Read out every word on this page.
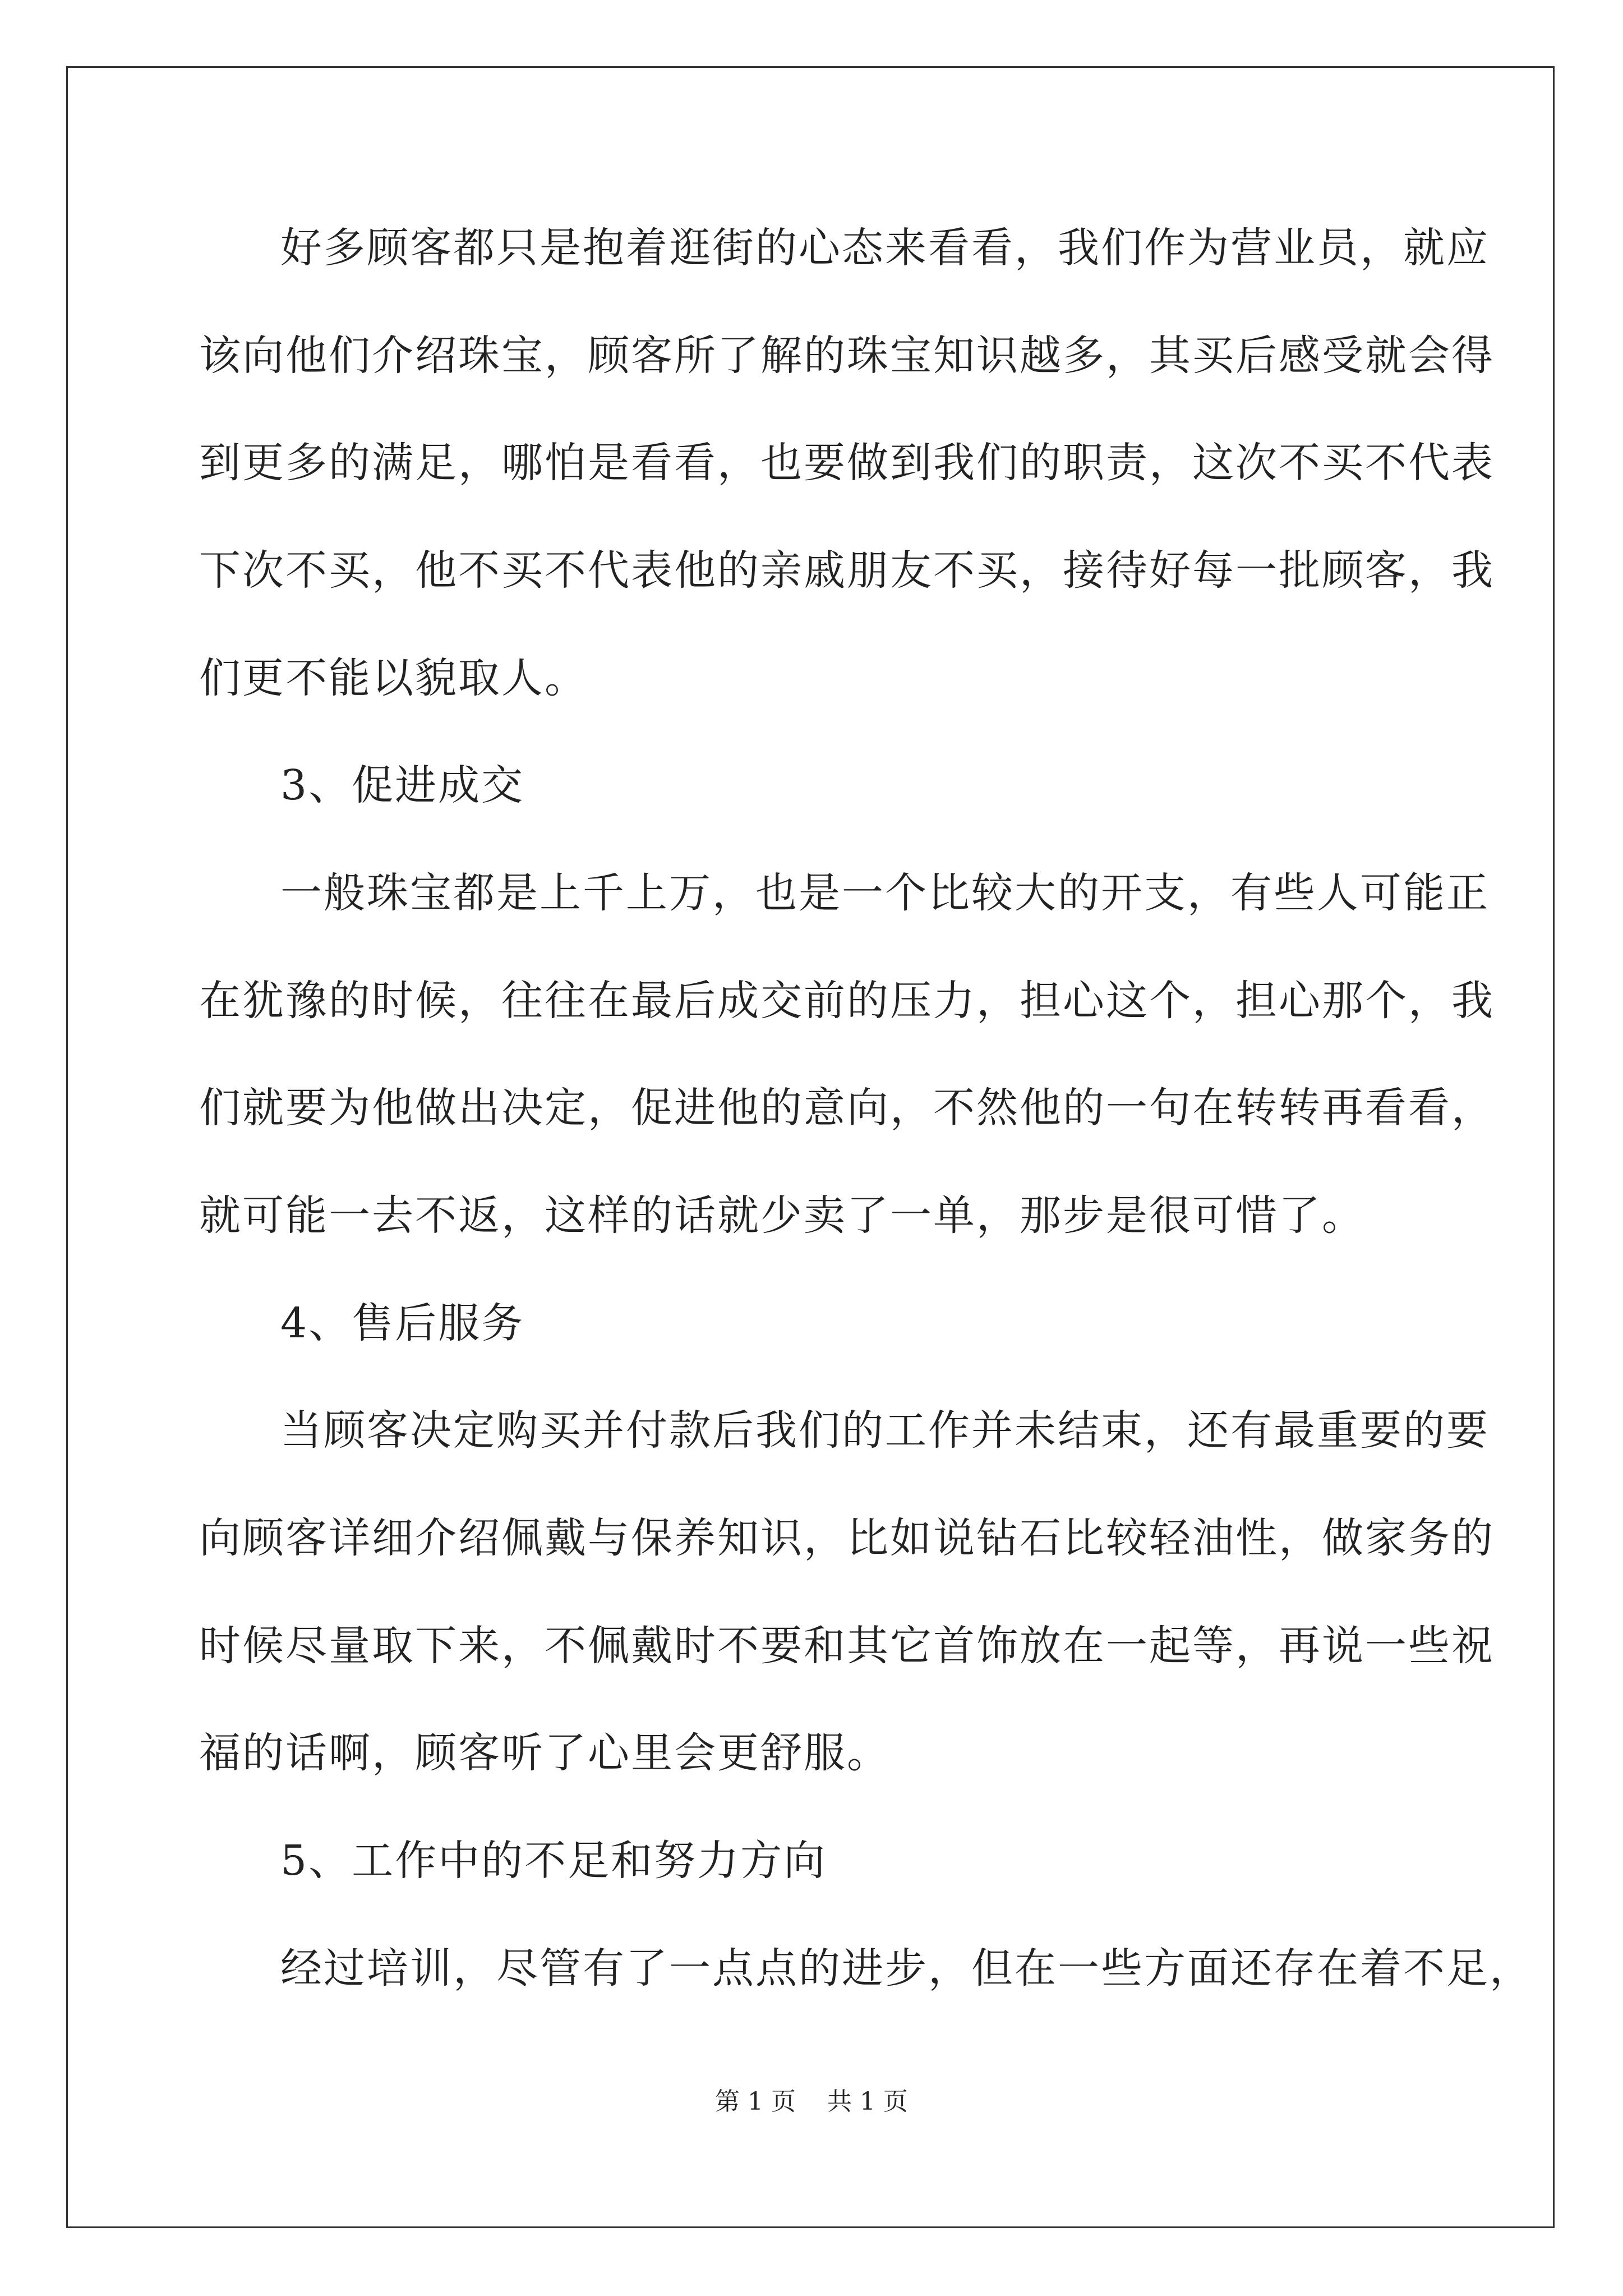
好多顾客都只是抱着逛街的心态来看看，我们作为营业员，就应
该向他们介绍珠宝，顾客所了解的珠宝知识越多，其买后感受就会得
到更多的满足，哪怕是看看，也要做到我们的职责，这次不买不代表
下次不买，他不买不代表他的亲戚朋友不买，接待好每一批顾客，我
们更不能以貌取人。
3、促进成交
一般珠宝都是上千上万，也是一个比较大的开支，有些人可能正
在犹豫的时候，往往在最后成交前的压力，担心这个，担心那个，我
们就要为他做出决定，促进他的意向，不然他的一句在转转再看看，
就可能一去不返，这样的话就少卖了一单，那步是很可惜了。
4、售后服务
当顾客决定购买并付款后我们的工作并未结束，还有最重要的要
向顾客详细介绍佩戴与保养知识，比如说钻石比较轻油性，做家务的
时候尽量取下来，不佩戴时不要和其它首饰放在一起等，再说一些祝
福的话啊，顾客听了心里会更舒服。
5、工作中的不足和努力方向
经过培训，尽管有了一点点的进步，但在一些方面还存在着不足，
第 1 页    共 1 页
